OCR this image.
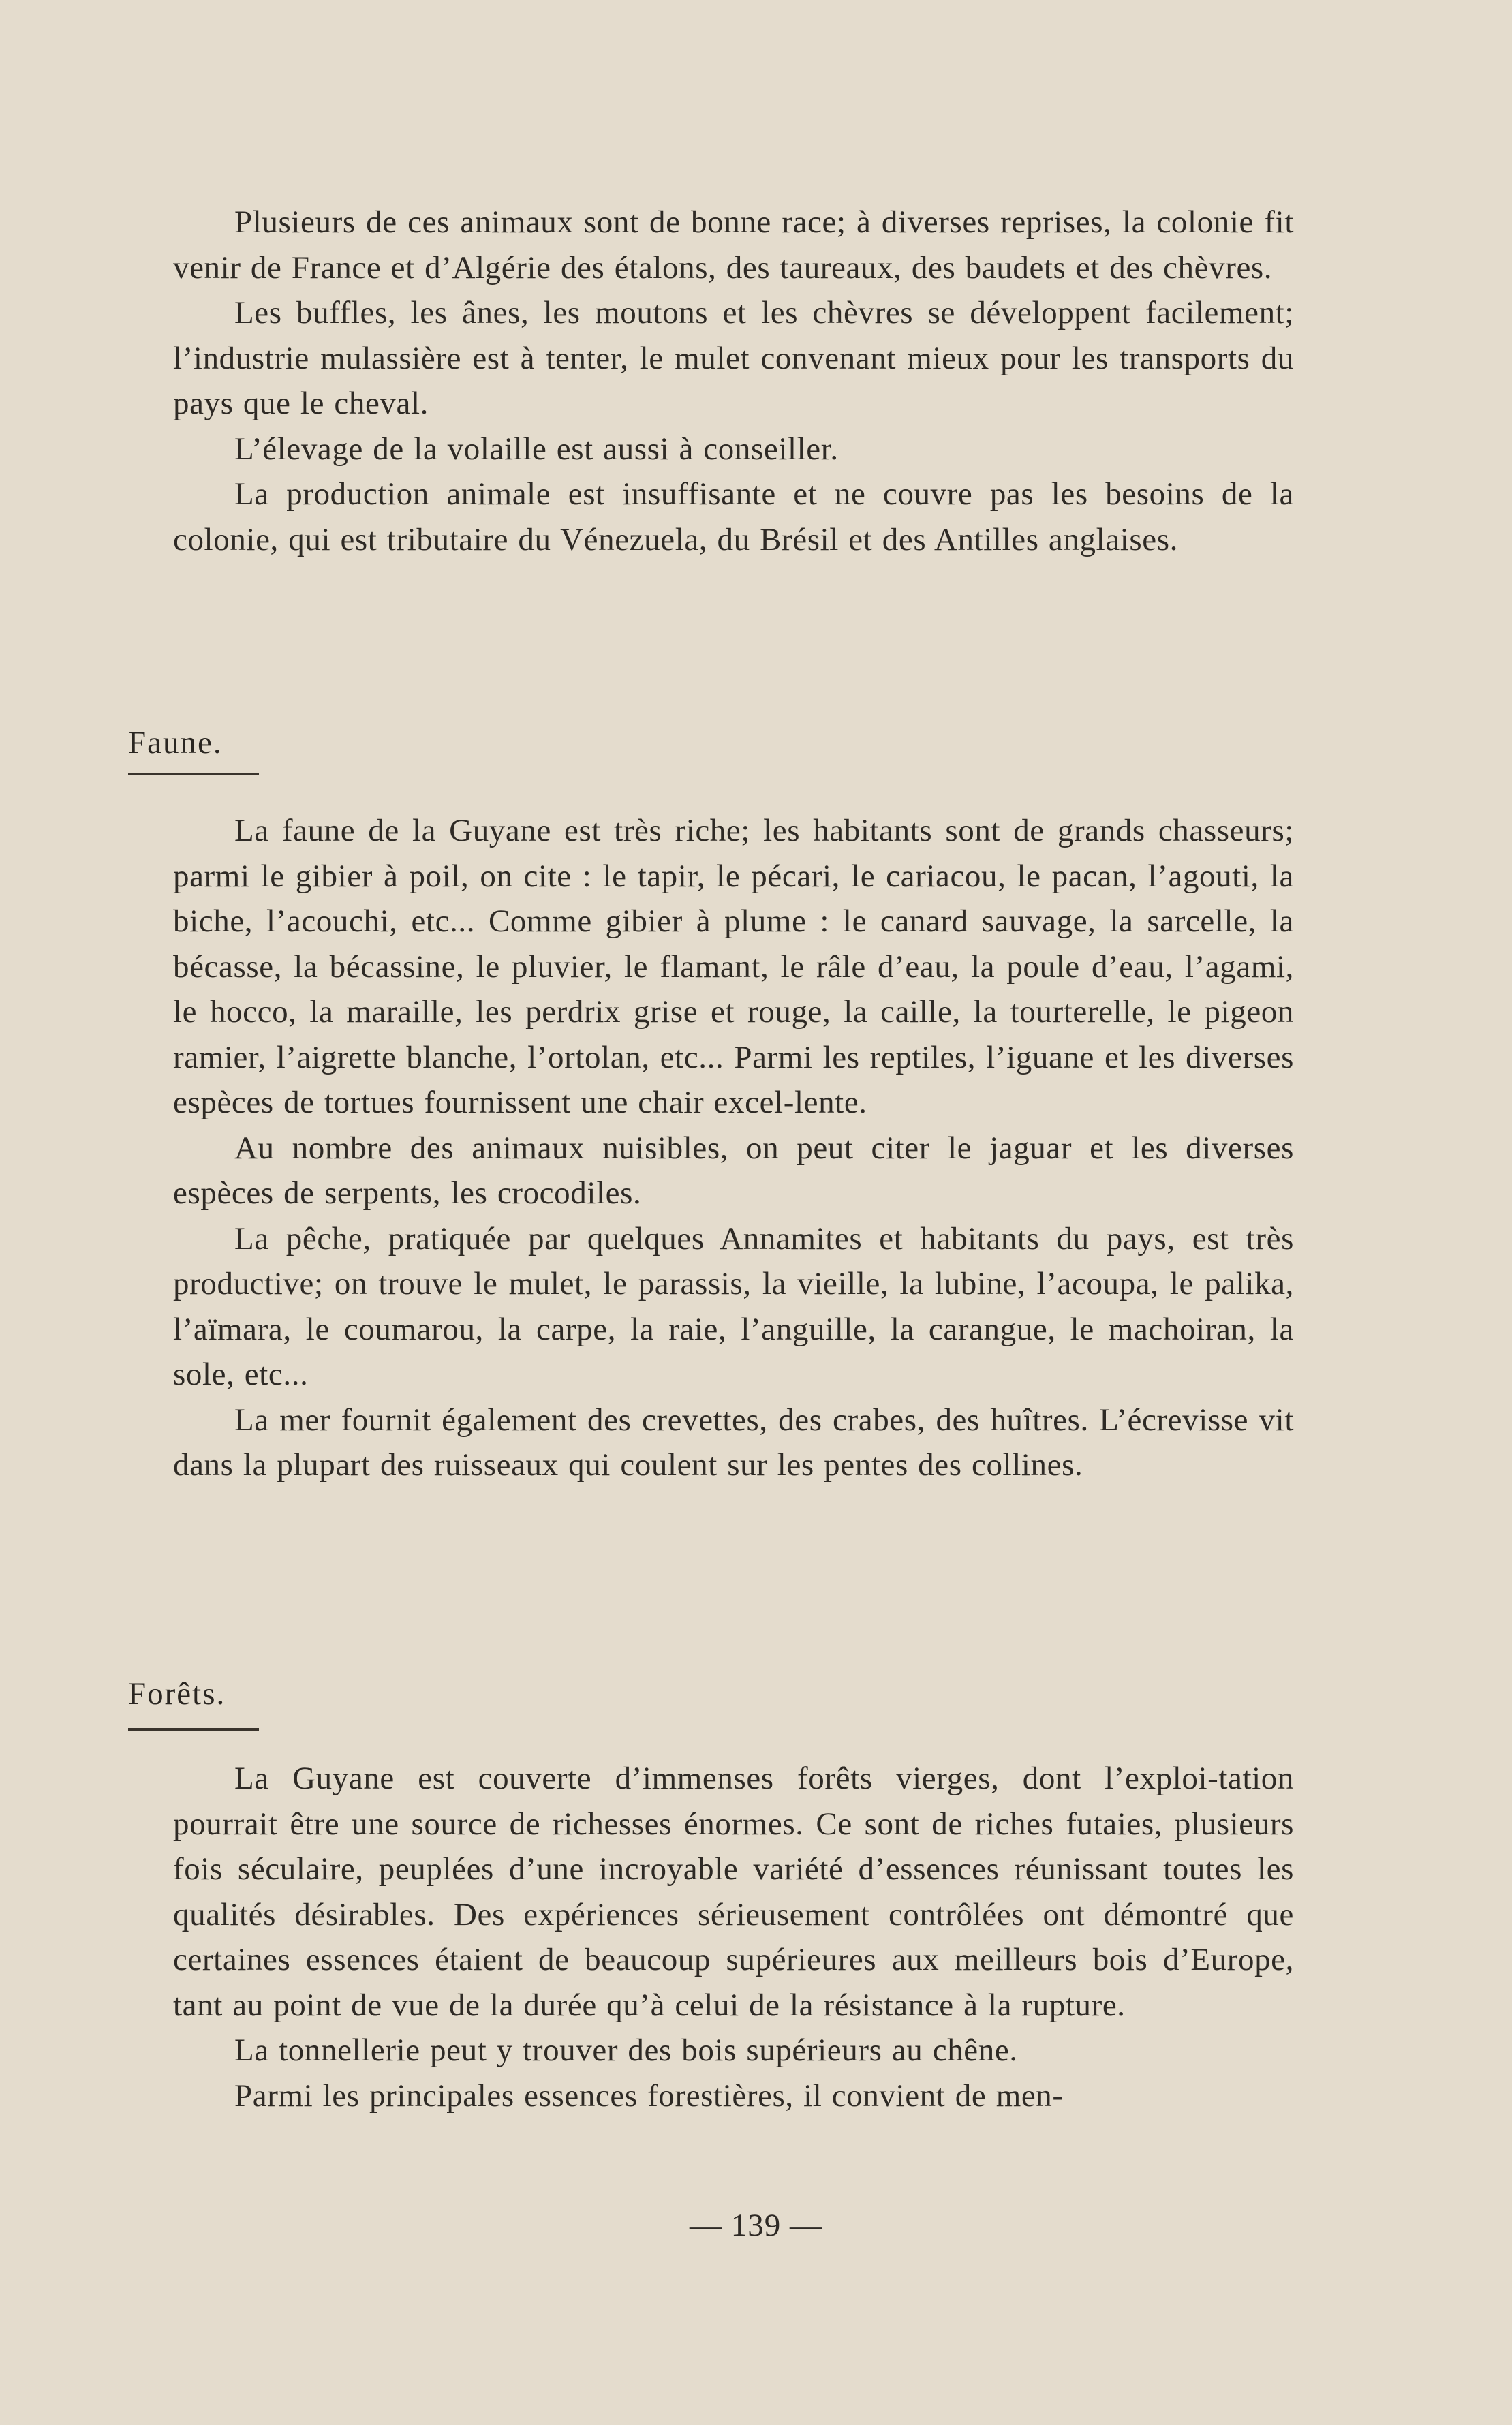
Plusieurs de ces animaux sont de bonne race; à diverses reprises, la colonie fit venir de France et d’Algérie des étalons, des taureaux, des baudets et des chèvres.

Les buffles, les ânes, les moutons et les chèvres se développent facilement; l’industrie mulassière est à tenter, le mulet convenant mieux pour les transports du pays que le cheval.

L’élevage de la volaille est aussi à conseiller.

La production animale est insuffisante et ne couvre pas les besoins de la colonie, qui est tributaire du Vénezuela, du Brésil et des Antilles anglaises.

Faune.

La faune de la Guyane est très riche; les habitants sont de grands chasseurs; parmi le gibier à poil, on cite : le tapir, le pécari, le cariacou, le pacan, l’agouti, la biche, l’acouchi, etc... Comme gibier à plume : le canard sauvage, la sarcelle, la bécasse, la bécassine, le pluvier, le flamant, le râle d’eau, la poule d’eau, l’agami, le hocco, la maraille, les perdrix grise et rouge, la caille, la tourterelle, le pigeon ramier, l’aigrette blanche, l’ortolan, etc... Parmi les reptiles, l’iguane et les diverses espèces de tortues fournissent une chair excel-lente.

Au nombre des animaux nuisibles, on peut citer le jaguar et les diverses espèces de serpents, les crocodiles.

La pêche, pratiquée par quelques Annamites et habitants du pays, est très productive; on trouve le mulet, le parassis, la vieille, la lubine, l’acoupa, le palika, l’aïmara, le coumarou, la carpe, la raie, l’anguille, la carangue, le machoiran, la sole, etc...

La mer fournit également des crevettes, des crabes, des huîtres. L’écrevisse vit dans la plupart des ruisseaux qui coulent sur les pentes des collines.

Forêts.

La Guyane est couverte d’immenses forêts vierges, dont l’exploi-tation pourrait être une source de richesses énormes. Ce sont de riches futaies, plusieurs fois séculaire, peuplées d’une incroyable variété d’essences réunissant toutes les qualités désirables. Des expériences sérieusement contrôlées ont démontré que certaines essences étaient de beaucoup supérieures aux meilleurs bois d’Europe, tant au point de vue de la durée qu’à celui de la résistance à la rupture.

La tonnellerie peut y trouver des bois supérieurs au chêne.

Parmi les principales essences forestières, il convient de men-

— 139 —
